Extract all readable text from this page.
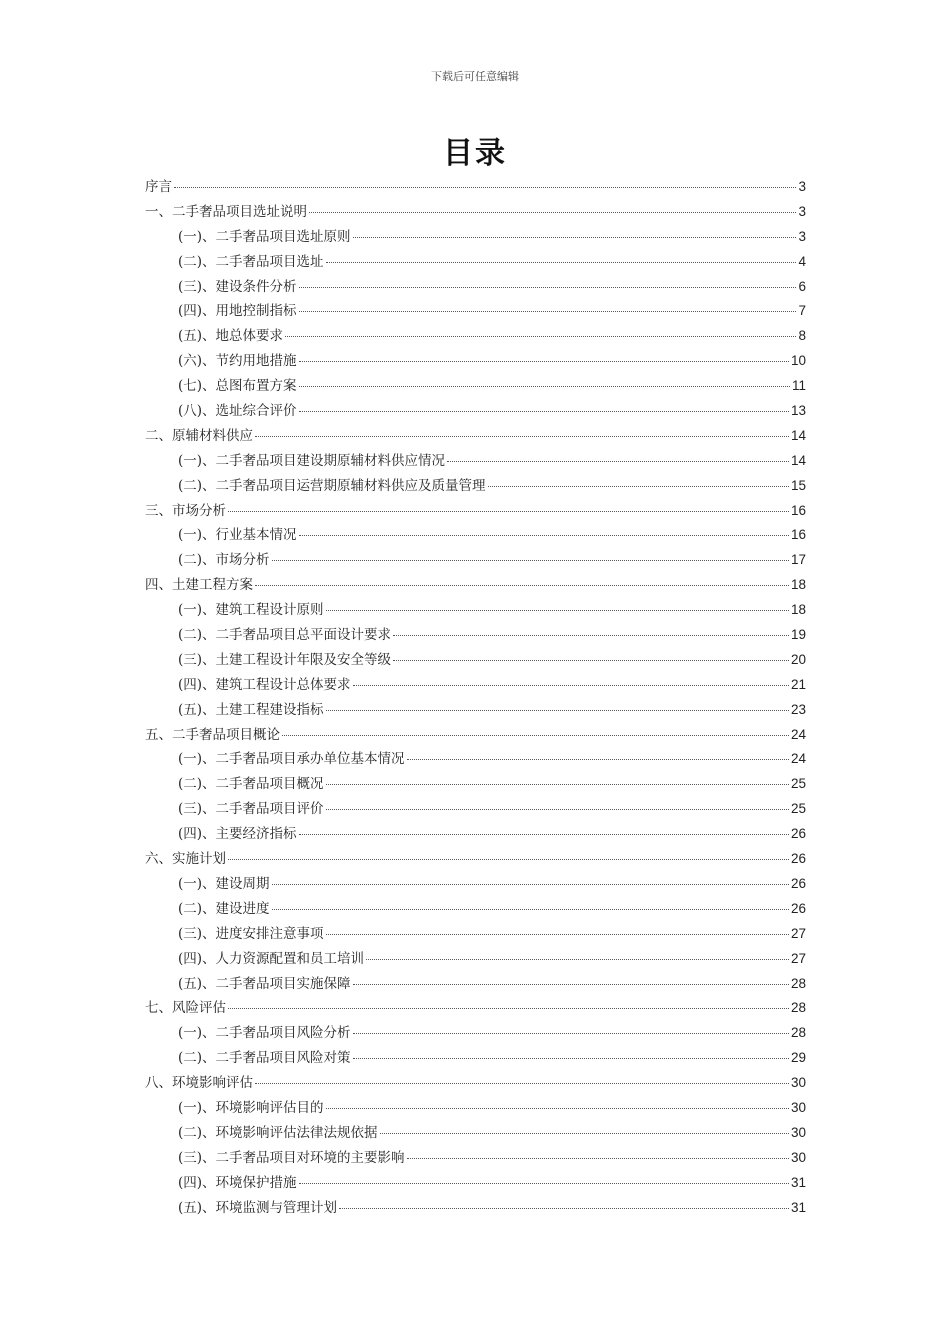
下载后可任意编辑
目录
序言	3
一、二手奢品项目选址说明	3
(一)、二手奢品项目选址原则	3
(二)、二手奢品项目选址	4
(三)、建设条件分析	6
(四)、用地控制指标	7
(五)、地总体要求	8
(六)、节约用地措施	10
(七)、总图布置方案	11
(八)、选址综合评价	13
二、原辅材料供应	14
(一)、二手奢品项目建设期原辅材料供应情况	14
(二)、二手奢品项目运营期原辅材料供应及质量管理	15
三、市场分析	16
(一)、行业基本情况	16
(二)、市场分析	17
四、土建工程方案	18
(一)、建筑工程设计原则	18
(二)、二手奢品项目总平面设计要求	19
(三)、土建工程设计年限及安全等级	20
(四)、建筑工程设计总体要求	21
(五)、土建工程建设指标	23
五、二手奢品项目概论	24
(一)、二手奢品项目承办单位基本情况	24
(二)、二手奢品项目概况	25
(三)、二手奢品项目评价	25
(四)、主要经济指标	26
六、实施计划	26
(一)、建设周期	26
(二)、建设进度	26
(三)、进度安排注意事项	27
(四)、人力资源配置和员工培训	27
(五)、二手奢品项目实施保障	28
七、风险评估	28
(一)、二手奢品项目风险分析	28
(二)、二手奢品项目风险对策	29
八、环境影响评估	30
(一)、环境影响评估目的	30
(二)、环境影响评估法律法规依据	30
(三)、二手奢品项目对环境的主要影响	30
(四)、环境保护措施	31
(五)、环境监测与管理计划	31
